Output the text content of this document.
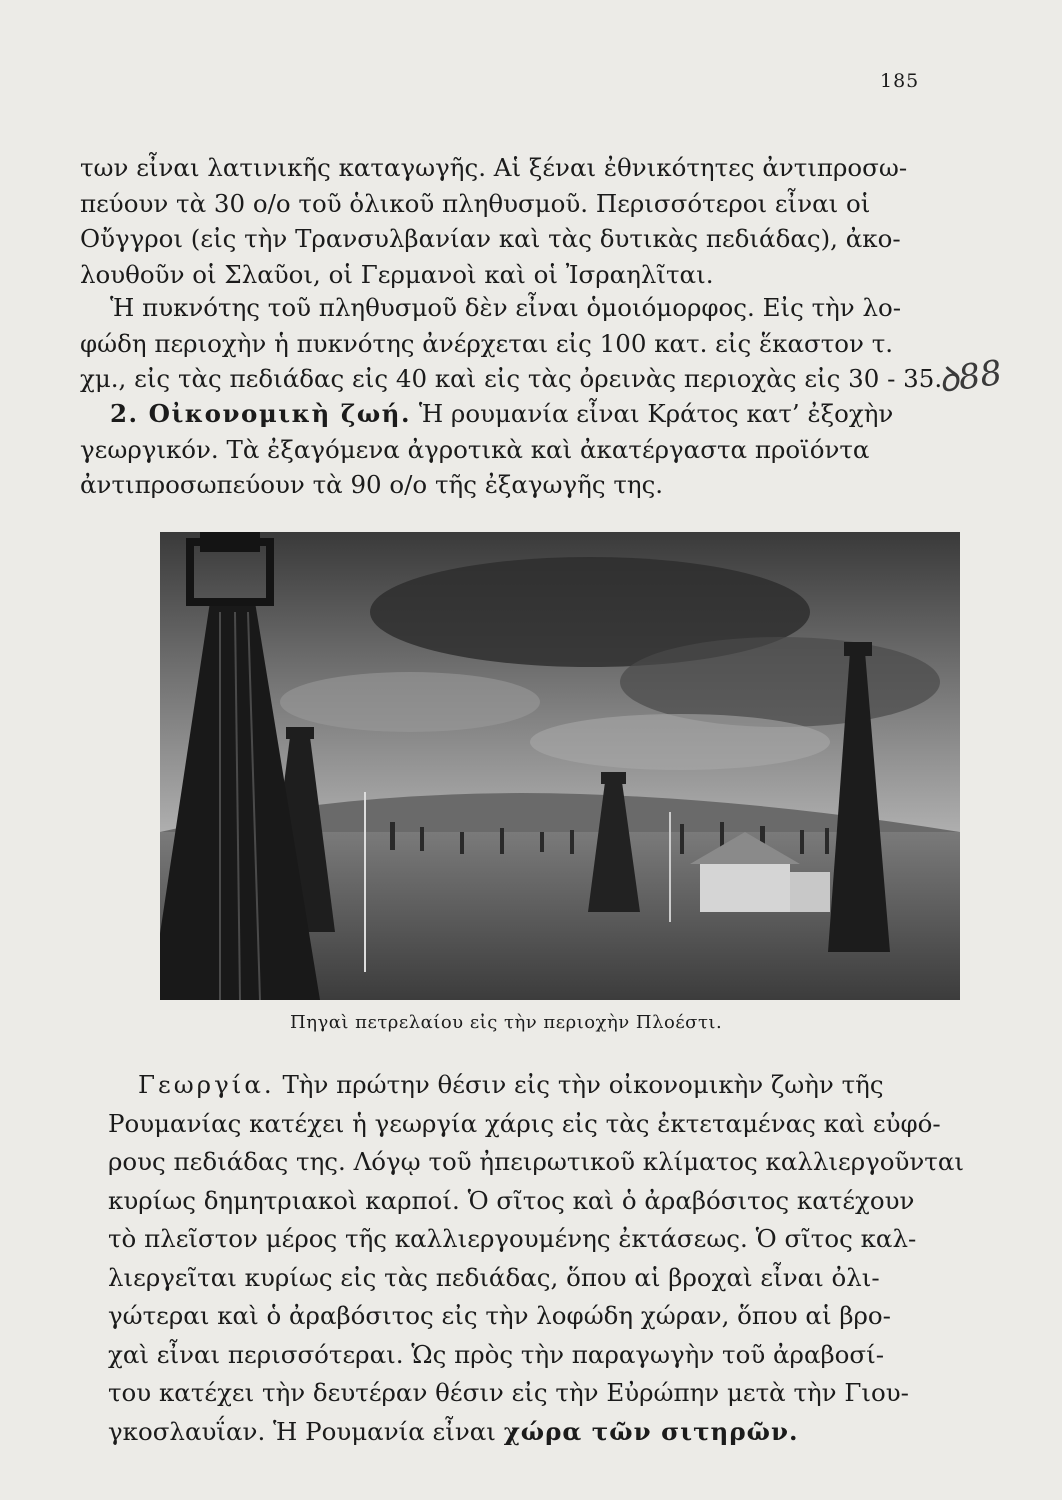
185

των εἶναι λατινικῆς καταγωγῆς. Αἱ ξέναι ἐθνικότητες ἀντιπροσω-
πεύουν τὰ 30 ο/ο τοῦ ὁλικοῦ πληθυσμοῦ. Περισσότεροι εἶναι οἱ
Οὔγγροι (εἰς τὴν Τρανσυλβανίαν καὶ τὰς δυτικὰς πεδιάδας), ἀκο-
λουθοῦν οἱ Σλαῦοι, οἱ Γερμανοὶ καὶ οἱ Ἰσραηλῖται.

Ἡ πυκνότης τοῦ πληθυσμοῦ δὲν εἶναι ὁμοιόμορφος. Εἰς τὴν λο-
φώδη περιοχὴν ἡ πυκνότης ἀνέρχεται εἰς 100 κατ. εἰς ἕκαστον τ.
χμ., εἰς τὰς πεδιάδας εἰς 40 καὶ εἰς τὰς ὀρεινὰς περιοχὰς εἰς 30 - 35.

ꝺ88

2. Οἰκονομικὴ ζωή. Ἡ ρουμανία εἶναι Κράτος κατ’ ἐξοχὴν
γεωργικόν. Τὰ ἐξαγόμενα ἀγροτικὰ καὶ ἀκατέργαστα προϊόντα
ἀντιπροσωπεύουν τὰ 90 ο/ο τῆς ἐξαγωγῆς της.

Πηγαὶ πετρελαίου εἰς τὴν περιοχὴν Πλοέστι.

Γεωργία. Τὴν πρώτην θέσιν εἰς τὴν οἰκονομικὴν ζωὴν τῆς
Ρουμανίας κατέχει ἡ γεωργία χάρις εἰς τὰς ἐκτεταμένας καὶ εὐφό-
ρους πεδιάδας της. Λόγῳ τοῦ ἠπειρωτικοῦ κλίματος καλλιεργοῦνται
κυρίως δημητριακοὶ καρποί. Ὁ σῖτος καὶ ὁ ἀραβόσιτος κατέχουν
τὸ πλεῖστον μέρος τῆς καλλιεργουμένης ἐκτάσεως. Ὁ σῖτος καλ-
λιεργεῖται κυρίως εἰς τὰς πεδιάδας, ὅπου αἱ βροχαὶ εἶναι ὀλι-
γώτεραι καὶ ὁ ἀραβόσιτος εἰς τὴν λοφώδη χώραν, ὅπου αἱ βρο-
χαὶ εἶναι περισσότεραι. Ὡς πρὸς τὴν παραγωγὴν τοῦ ἀραβοσί-
του κατέχει τὴν δευτέραν θέσιν εἰς τὴν Εὐρώπην μετὰ τὴν Γιου-
γκοσλαυΐαν. Ἡ Ρουμανία εἶναι χώρα τῶν σιτηρῶν.
